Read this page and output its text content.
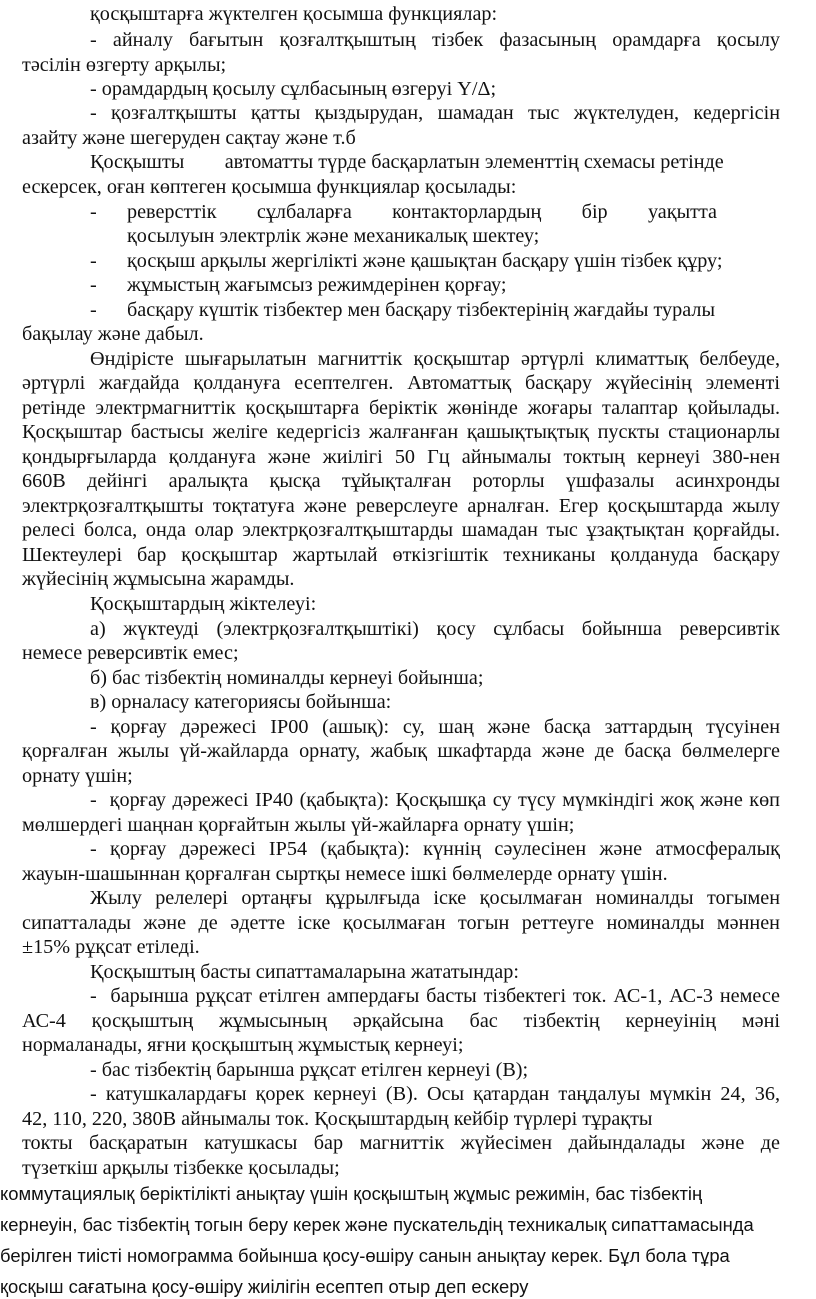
қосқыштарға жүктелген қосымша функциялар:
- айналу бағытын қозғалтқыштың тізбек фазасының орамдарға қосылу
тәсілін өзгерту арқылы;
- орамдардың қосылу сұлбасының өзгеруі Y/Δ;
- қозғалтқышты қатты қыздырудан, шамадан тыс жүктелуден, кедергісін
азайту және шегеруден сақтау және т.б
Қосқышты        автоматты түрде басқарлатын элементтің схемасы ретінде
ескерсек, оған көптеген қосымша функциялар қосылады:
- реверсттік      сұлбаларға      контакторлардың      бір      уақытта
қосылуын электрлік және механикалық шектеу;
- қосқыш арқылы жергілікті және қашықтан басқару үшін тізбек құру;
- жұмыстың жағымсыз режимдерінен қорғау;
- басқару күштік тізбектер мен басқару тізбектерінің жағдайы туралы
бақылау және дабыл.
Өндірісте шығарылатын магниттік қосқыштар әртүрлі климаттық белбеуде,
әртүрлі жағдайда қолдануға есептелген. Автоматтық басқару жүйесінің элементі
ретінде электрмагниттік қосқыштарға беріктік жөнінде жоғары талаптар қойылады.
Қосқыштар бастысы желіге кедергісіз жалғанған қашықтықтық пускты стационарлы
қондырғыларда қолдануға және жиілігі 50 Гц айнымалы токтың кернеуі 380-нен
660В дейінгі аралықта қысқа тұйықталған роторлы үшфазалы асинхронды
электрқозғалтқышты тоқтатуға және реверслеуге арналған. Егер қосқыштарда жылу
релесі болса, онда олар электрқозғалтқыштарды шамадан тыс ұзақтықтан қорғайды.
Шектеулері бар қосқыштар жартылай өткізгіштік техниканы қолдануда басқару
жүйесінің жұмысына жарамды.
Қосқыштардың жіктелеуі:
а) жүктеуді (электрқозғалтқыштікі) қосу сұлбасы бойынша реверсивтік
немесе реверсивтік емес;
б) бас тізбектің номиналды кернеуі бойынша;
в) орналасу категориясы бойынша:
- қорғау дәрежесі IP00 (ашық): су, шаң және басқа заттардың түсуінен
қорғалған жылы үй-жайларда орнату, жабық шкафтарда және де басқа бөлмелерге
орнату үшін;
-  қорғау дәрежесі IP40 (қабықта): Қосқышқа су түсу мүмкіндігі жоқ және көп
мөлшердегі шаңнан қорғайтын жылы үй-жайларға орнату үшін;
- қорғау дәрежесі IP54 (қабықта): күннің сәулесінен және атмосфералық
жауын-шашыннан қорғалған сыртқы немесе ішкі бөлмелерде орнату үшін.
Жылу релелері ортаңғы құрылғыда іске қосылмаған номиналды тогымен
сипатталады және де әдетте іске қосылмаған тогын реттеуге номиналды мәннен
±15% рұқсат етіледі.
Қосқыштың басты сипаттамаларына жататындар:
-  барынша рұқсат етілген ампердағы басты тізбектегі ток. АС-1, АС-3 немесе
АС-4   қосқыштың   жұмысының   әрқайсына   бас   тізбектің   кернеуінің   мәні
нормаланады, яғни қосқыштың жұмыстық кернеуі;
- бас тізбектің барынша рұқсат етілген кернеуі (В);
- катушкалардағы қорек кернеуі (В). Осы қатардан таңдалуы мүмкін 24, 36,
42, 110, 220, 380В айнымалы ток. Қосқыштардың кейбір түрлері тұрақты
токты басқаратын катушкасы бар магниттік жүйесімен дайындалады және де
түзеткіш арқылы тізбекке қосылады;
коммутациялық беріктілікті анықтау үшін қосқыштың жұмыс режимін, бас тізбектің
кернеуін, бас тізбектің тогын беру керек және пускательдің техникалық сипаттамасында
берілген тиісті номограмма бойынша қосу-өшіру санын анықтау керек. Бұл бола тұра
қосқыш сағатына қосу-өшіру жиілігін есептеп отыр деп ескеру
